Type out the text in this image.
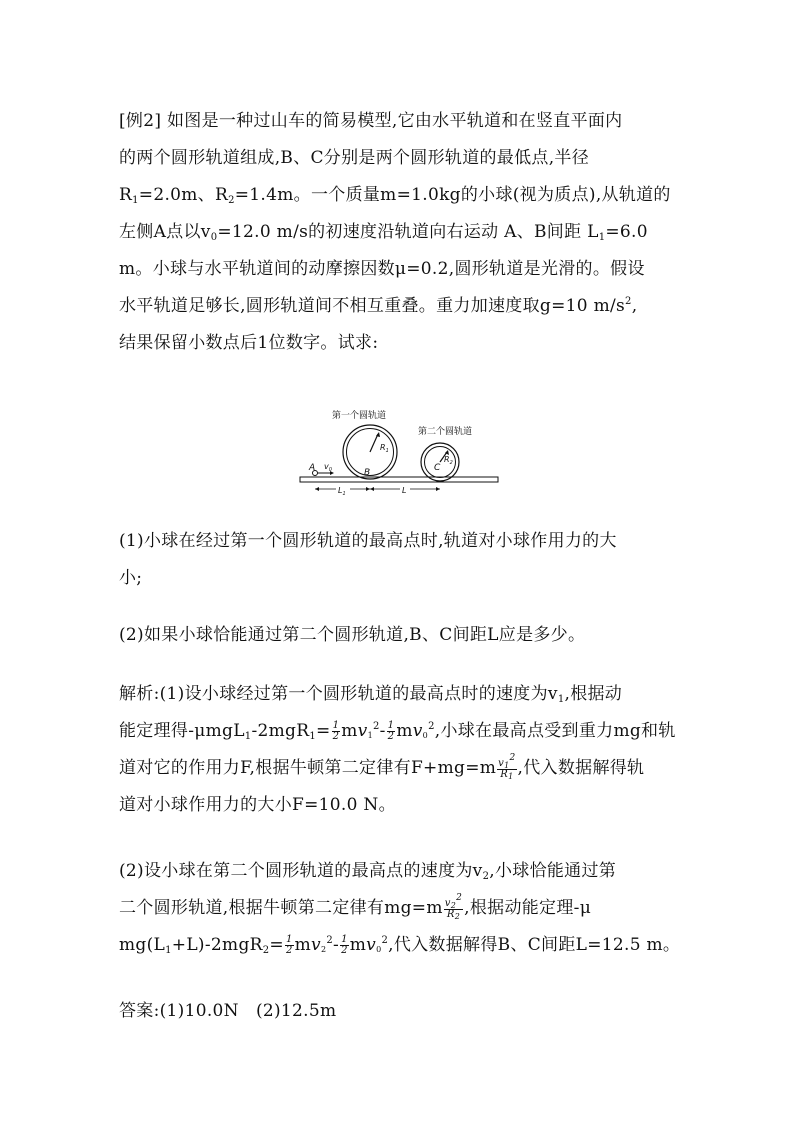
[例2] 如图是一种过山车的简易模型,它由水平轨道和在竖直平面内
的两个圆形轨道组成,B、C分别是两个圆形轨道的最低点,半径
$R_1=2.0m$、$R_2=1.4m$。一个质量m=1.0kg的小球(视为质点),从轨道的
左侧A点以$v_0=12.0$ m/s的初速度沿轨道向右运动 A、B间距 $L_1=6.0$
m。小球与水平轨道间的动摩擦因数μ=0.2,圆形轨道是光滑的。假设
水平轨道足够长,圆形轨道间不相互重叠。重力加速度取g=10 $m/s^2$,
结果保留小数点后1位数字。试求:
第一个圆轨道
第二个圆轨道
A $v_0$	B	C
$R_1$
$R_2$
$L_1$	L
(1)小球在经过第一个圆形轨道的最高点时,轨道对小球作用力的大
小;
(2)如果小球恰能通过第二个圆形轨道,B、C间距L应是多少。
解析:(1)设小球经过第一个圆形轨道的最高点时的速度为$v_1$,根据动
能定理得$-\mu mgL_1-2mgR_1= \frac{1}{2} mv1^2- \frac{1}{2} mv0^2$,小球在最高点受到重力mg和轨
道对它的作用力F,根据牛顿第二定律有$F+mg=m \frac{v_12}{R_1}$ ,代入数据解得轨
道对小球作用力的大小F=10.0 N。
(2)设小球在第二个圆形轨道的最高点的速度为$v_2$,小球恰能通过第
二个圆形轨道,根据牛顿第二定律有$mg=m \frac{v_22}{R_2}$ ,根据动能定理-μ
$mg(L_1+L)-2mgR_2= \frac{1}{2} mv2^2- \frac{1}{2} mv0^2$,代入数据解得B、C间距L=12.5 m。
答案:(1)10.0N   (2)12.5m
